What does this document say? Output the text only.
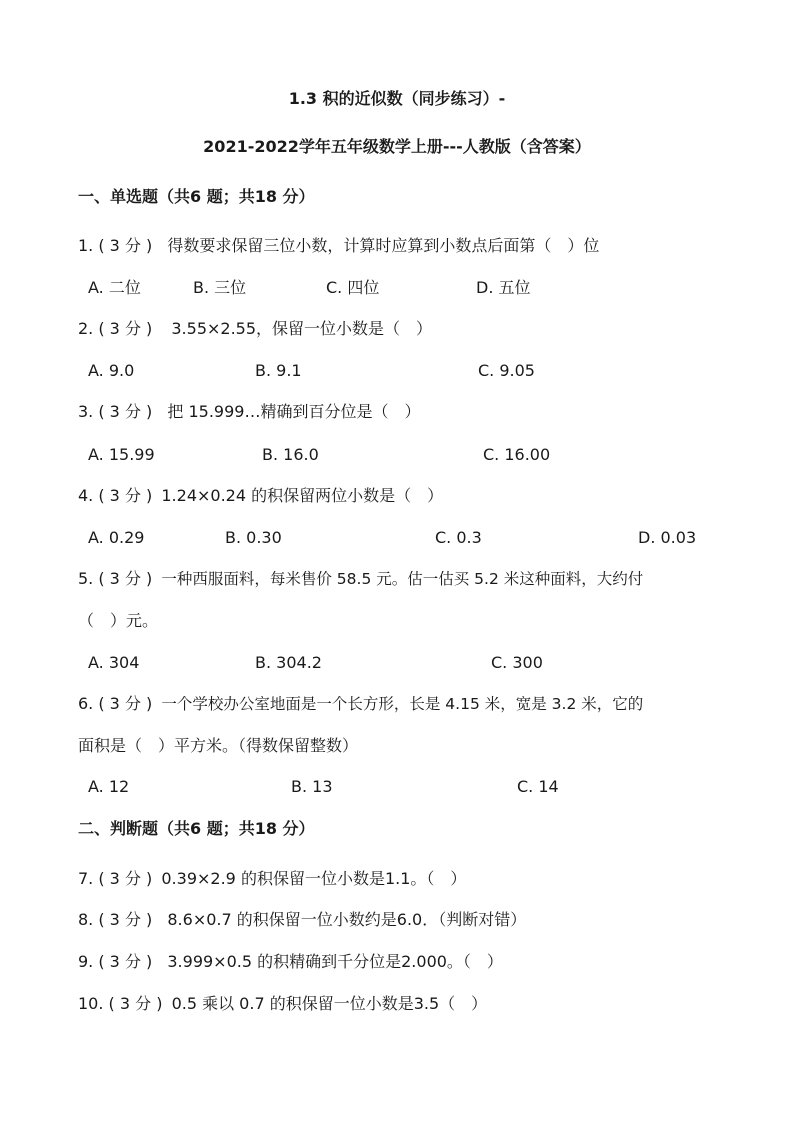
1.3 积的近似数（同步练习）-
2021-2022学年五年级数学上册---人教版（含答案）
一、单选题（共6 题；共18 分）
1. ( 3 分 ) 得数要求保留三位小数，计算时应算到小数点后面第（　）位
A. 二位	B. 三位	C. 四位	D. 五位
2. ( 3 分 ) 3.55×2.55，保留一位小数是（　）
A. 9.0	B. 9.1	C. 9.05
3. ( 3 分 ) 把 15.999…精确到百分位是（　）
A. 15.99	B. 16.0	C. 16.00
4. ( 3 分 ) 1.24×0.24 的积保留两位小数是（　）
A. 0.29	B. 0.30	C. 0.3	D. 0.03
5. ( 3 分 ) 一种西服面料，每米售价 58.5 元。估一估买 5.2 米这种面料，大约付
（　）元。
A. 304	B. 304.2	C. 300
6. ( 3 分 ) 一个学校办公室地面是一个长方形，长是 4.15 米，宽是 3.2 米，它的
面积是（　）平方米。（得数保留整数）
A. 12	B. 13	C. 14
二、判断题（共6 题；共18 分）
7. ( 3 分 ) 0.39×2.9 的积保留一位小数是1.1。（　）
8. ( 3 分 ) 8.6×0.7 的积保留一位小数约是6.0．（判断对错）
9. ( 3 分 ) 3.999×0.5 的积精确到千分位是2.000。（　）
10. ( 3 分 ) 0.5 乘以 0.7 的积保留一位小数是3.5（　）
